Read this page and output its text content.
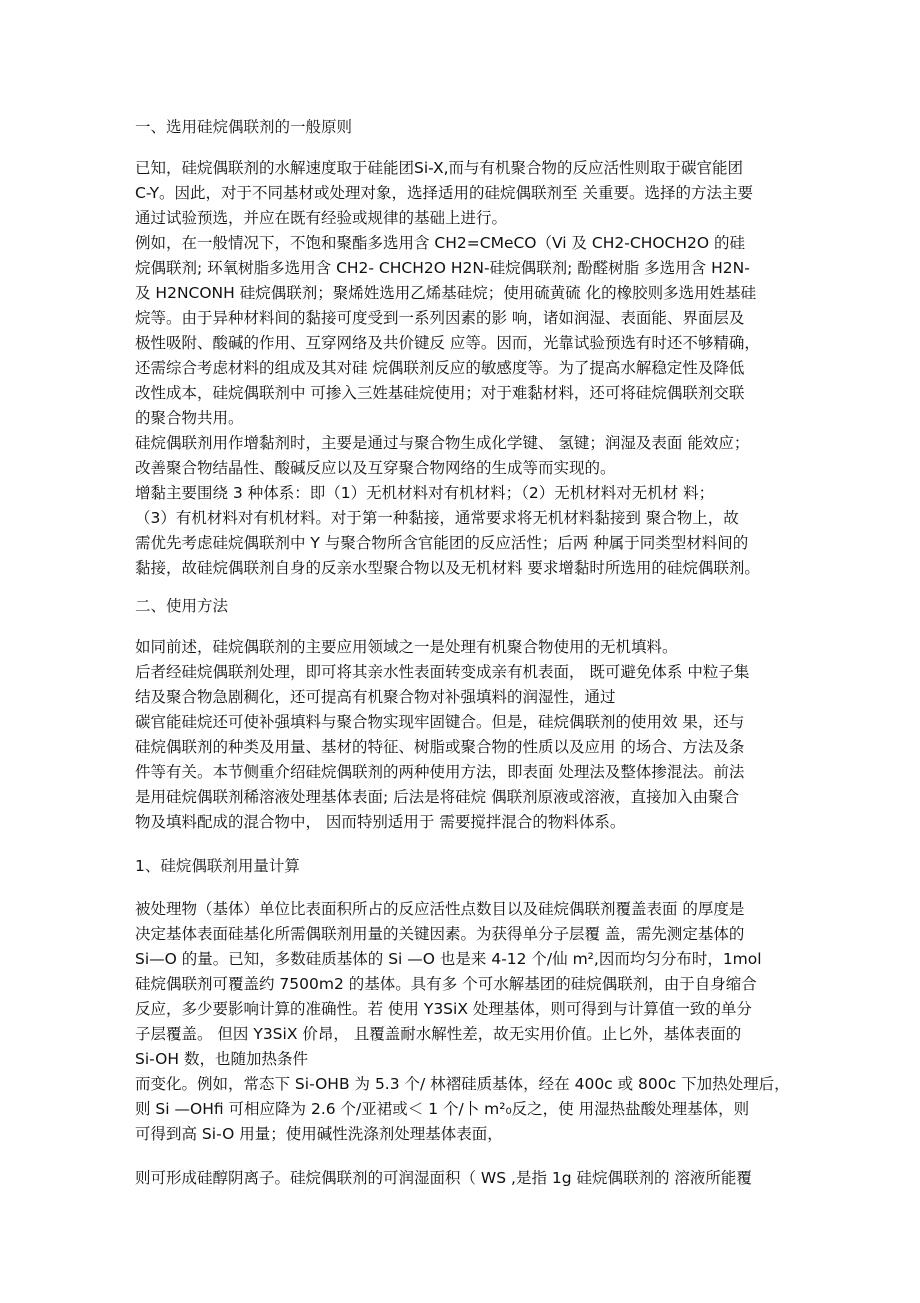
一、选用硅烷偶联剂的一般原则
已知，硅烷偶联剂的水解速度取于硅能团Si-X,而与有机聚合物的反应活性则取于碳官能团
C-Y。因此，对于不同基材或处理对象，选择适用的硅烷偶联剂至 关重要。选择的方法主要
通过试验预选，并应在既有经验或规律的基础上进行。
例如，在一般情况下，不饱和聚酯多选用含 CH2=CMeCO（Vi 及 CH2-CHOCH2O 的硅
烷偶联剂; 环氧树脂多选用含 CH2- CHCH2O H2N-硅烷偶联剂; 酚醛树脂 多选用含 H2N-
及 H2NCONH 硅烷偶联剂；聚烯姓选用乙烯基硅烷；使用硫黄硫 化的橡胶则多选用姓基硅
烷等。由于异种材料间的黏接可度受到一系列因素的影 响，诸如润湿、表面能、界面层及
极性吸附、酸碱的作用、互穿网络及共价键反 应等。因而，光靠试验预选有时还不够精确，
还需综合考虑材料的组成及其对硅 烷偶联剂反应的敏感度等。为了提高水解稳定性及降低
改性成本，硅烷偶联剂中 可掺入三姓基硅烷使用；对于难黏材料，还可将硅烷偶联剂交联
的聚合物共用。
硅烷偶联剂用作增黏剂时，主要是通过与聚合物生成化学键、 氢键；润湿及表面 能效应；
改善聚合物结晶性、酸碱反应以及互穿聚合物网络的生成等而实现的。
增黏主要围绕 3 种体系：即（1）无机材料对有机材料；（2）无机材料对无机材 料；
（3）有机材料对有机材料。对于第一种黏接，通常要求将无机材料黏接到 聚合物上，故
需优先考虑硅烷偶联剂中 Y 与聚合物所含官能团的反应活性；后两 种属于同类型材料间的
黏接，故硅烷偶联剂自身的反亲水型聚合物以及无机材料 要求增黏时所选用的硅烷偶联剂。
二、使用方法
如同前述，硅烷偶联剂的主要应用领域之一是处理有机聚合物使用的无机填料。
后者经硅烷偶联剂处理，即可将其亲水性表面转变成亲有机表面， 既可避免体系 中粒子集
结及聚合物急剧稠化，还可提高有机聚合物对补强填料的润湿性，通过
碳官能硅烷还可使补强填料与聚合物实现牢固键合。但是，硅烷偶联剂的使用效 果，还与
硅烷偶联剂的种类及用量、基材的特征、树脂或聚合物的性质以及应用 的场合、方法及条
件等有关。本节侧重介绍硅烷偶联剂的两种使用方法，即表面 处理法及整体掺混法。前法
是用硅烷偶联剂稀溶液处理基体表面; 后法是将硅烷 偶联剂原液或溶液，直接加入由聚合
物及填料配成的混合物中， 因而特别适用于 需要搅拌混合的物料体系。
1、硅烷偶联剂用量计算
被处理物（基体）单位比表面积所占的反应活性点数目以及硅烷偶联剂覆盖表面 的厚度是
决定基体表面硅基化所需偶联剂用量的关键因素。为获得单分子层覆 盖，需先测定基体的
Si—O 的量。已知，多数硅质基体的 Si —O 也是来 4-12 个/仙 m²,因而均匀分布时，1mol
硅烷偶联剂可覆盖约 7500m2 的基体。具有多 个可水解基团的硅烷偶联剂，由于自身缩合
反应，多少要影响计算的准确性。若 使用 Y3SiX 处理基体，则可得到与计算值一致的单分
子层覆盖。 但因 Y3SiX 价昂， 且覆盖耐水解性差，故无实用价值。止匕外，基体表面的
Si-OH 数，也随加热条件
而变化。例如，常态下 Si-OHB 为 5.3 个/ 林褶硅质基体，经在 400c 或 800c 下加热处理后，
则 Si —OHfi 可相应降为 2.6 个/亚裙或＜ 1 个/卜 m²₀反之，使 用湿热盐酸处理基体，则
可得到高 Si-O 用量；使用碱性洗涤剂处理基体表面，
则可形成硅醇阴离子。硅烷偶联剂的可润湿面积（ WS ,是指 1g 硅烷偶联剂的 溶液所能覆
